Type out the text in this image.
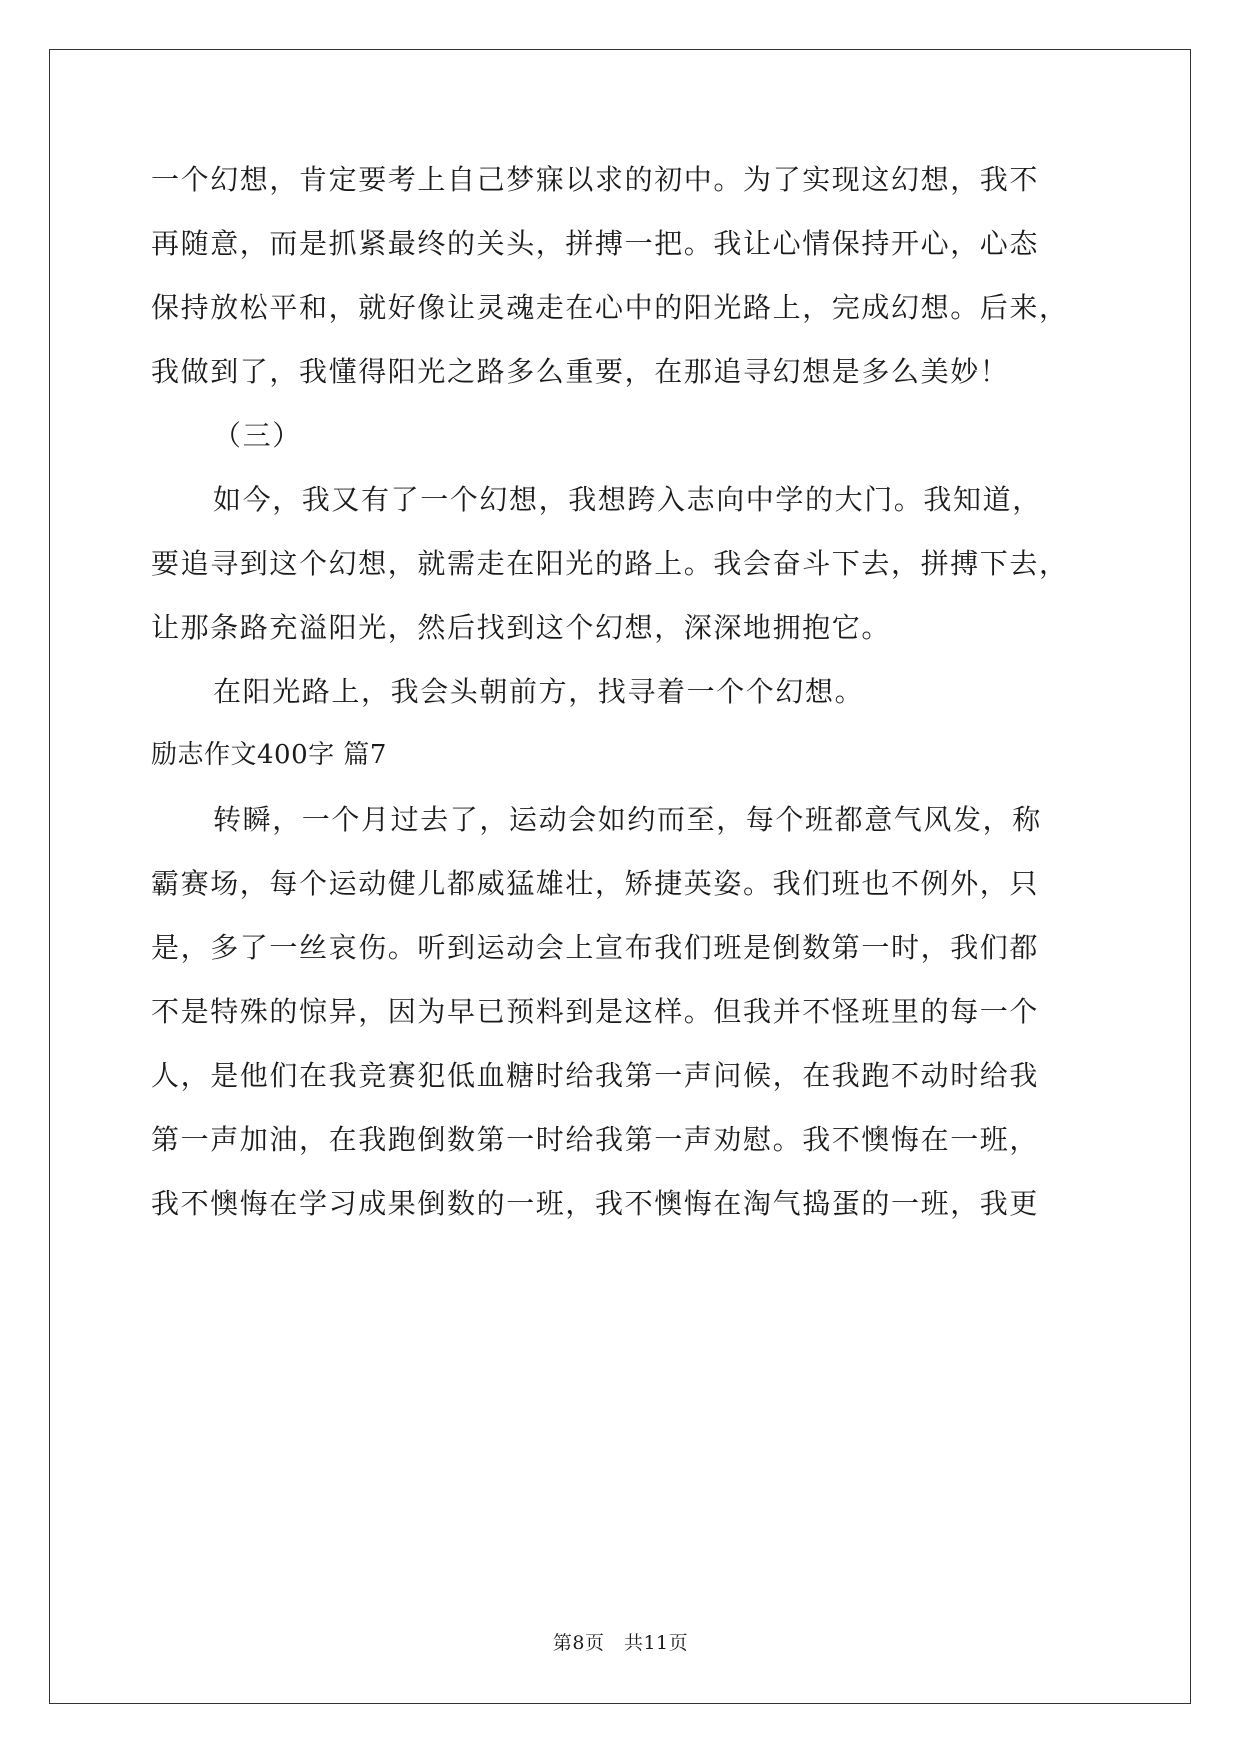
一个幻想，肯定要考上自己梦寐以求的初中。为了实现这幻想，我不
再随意，而是抓紧最终的关头，拼搏一把。我让心情保持开心，心态
保持放松平和，就好像让灵魂走在心中的阳光路上，完成幻想。后来，
我做到了，我懂得阳光之路多么重要，在那追寻幻想是多么美妙！
（三）
如今，我又有了一个幻想，我想跨入志向中学的大门。我知道，
要追寻到这个幻想，就需走在阳光的路上。我会奋斗下去，拼搏下去，
让那条路充溢阳光，然后找到这个幻想，深深地拥抱它。
在阳光路上，我会头朝前方，找寻着一个个幻想。
励志作文400字 篇7
转瞬，一个月过去了，运动会如约而至，每个班都意气风发，称
霸赛场，每个运动健儿都威猛雄壮，矫捷英姿。我们班也不例外，只
是，多了一丝哀伤。听到运动会上宣布我们班是倒数第一时，我们都
不是特殊的惊异，因为早已预料到是这样。但我并不怪班里的每一个
人，是他们在我竞赛犯低血糖时给我第一声问候，在我跑不动时给我
第一声加油，在我跑倒数第一时给我第一声劝慰。我不懊悔在一班，
我不懊悔在学习成果倒数的一班，我不懊悔在淘气捣蛋的一班，我更
第8页　共11页
